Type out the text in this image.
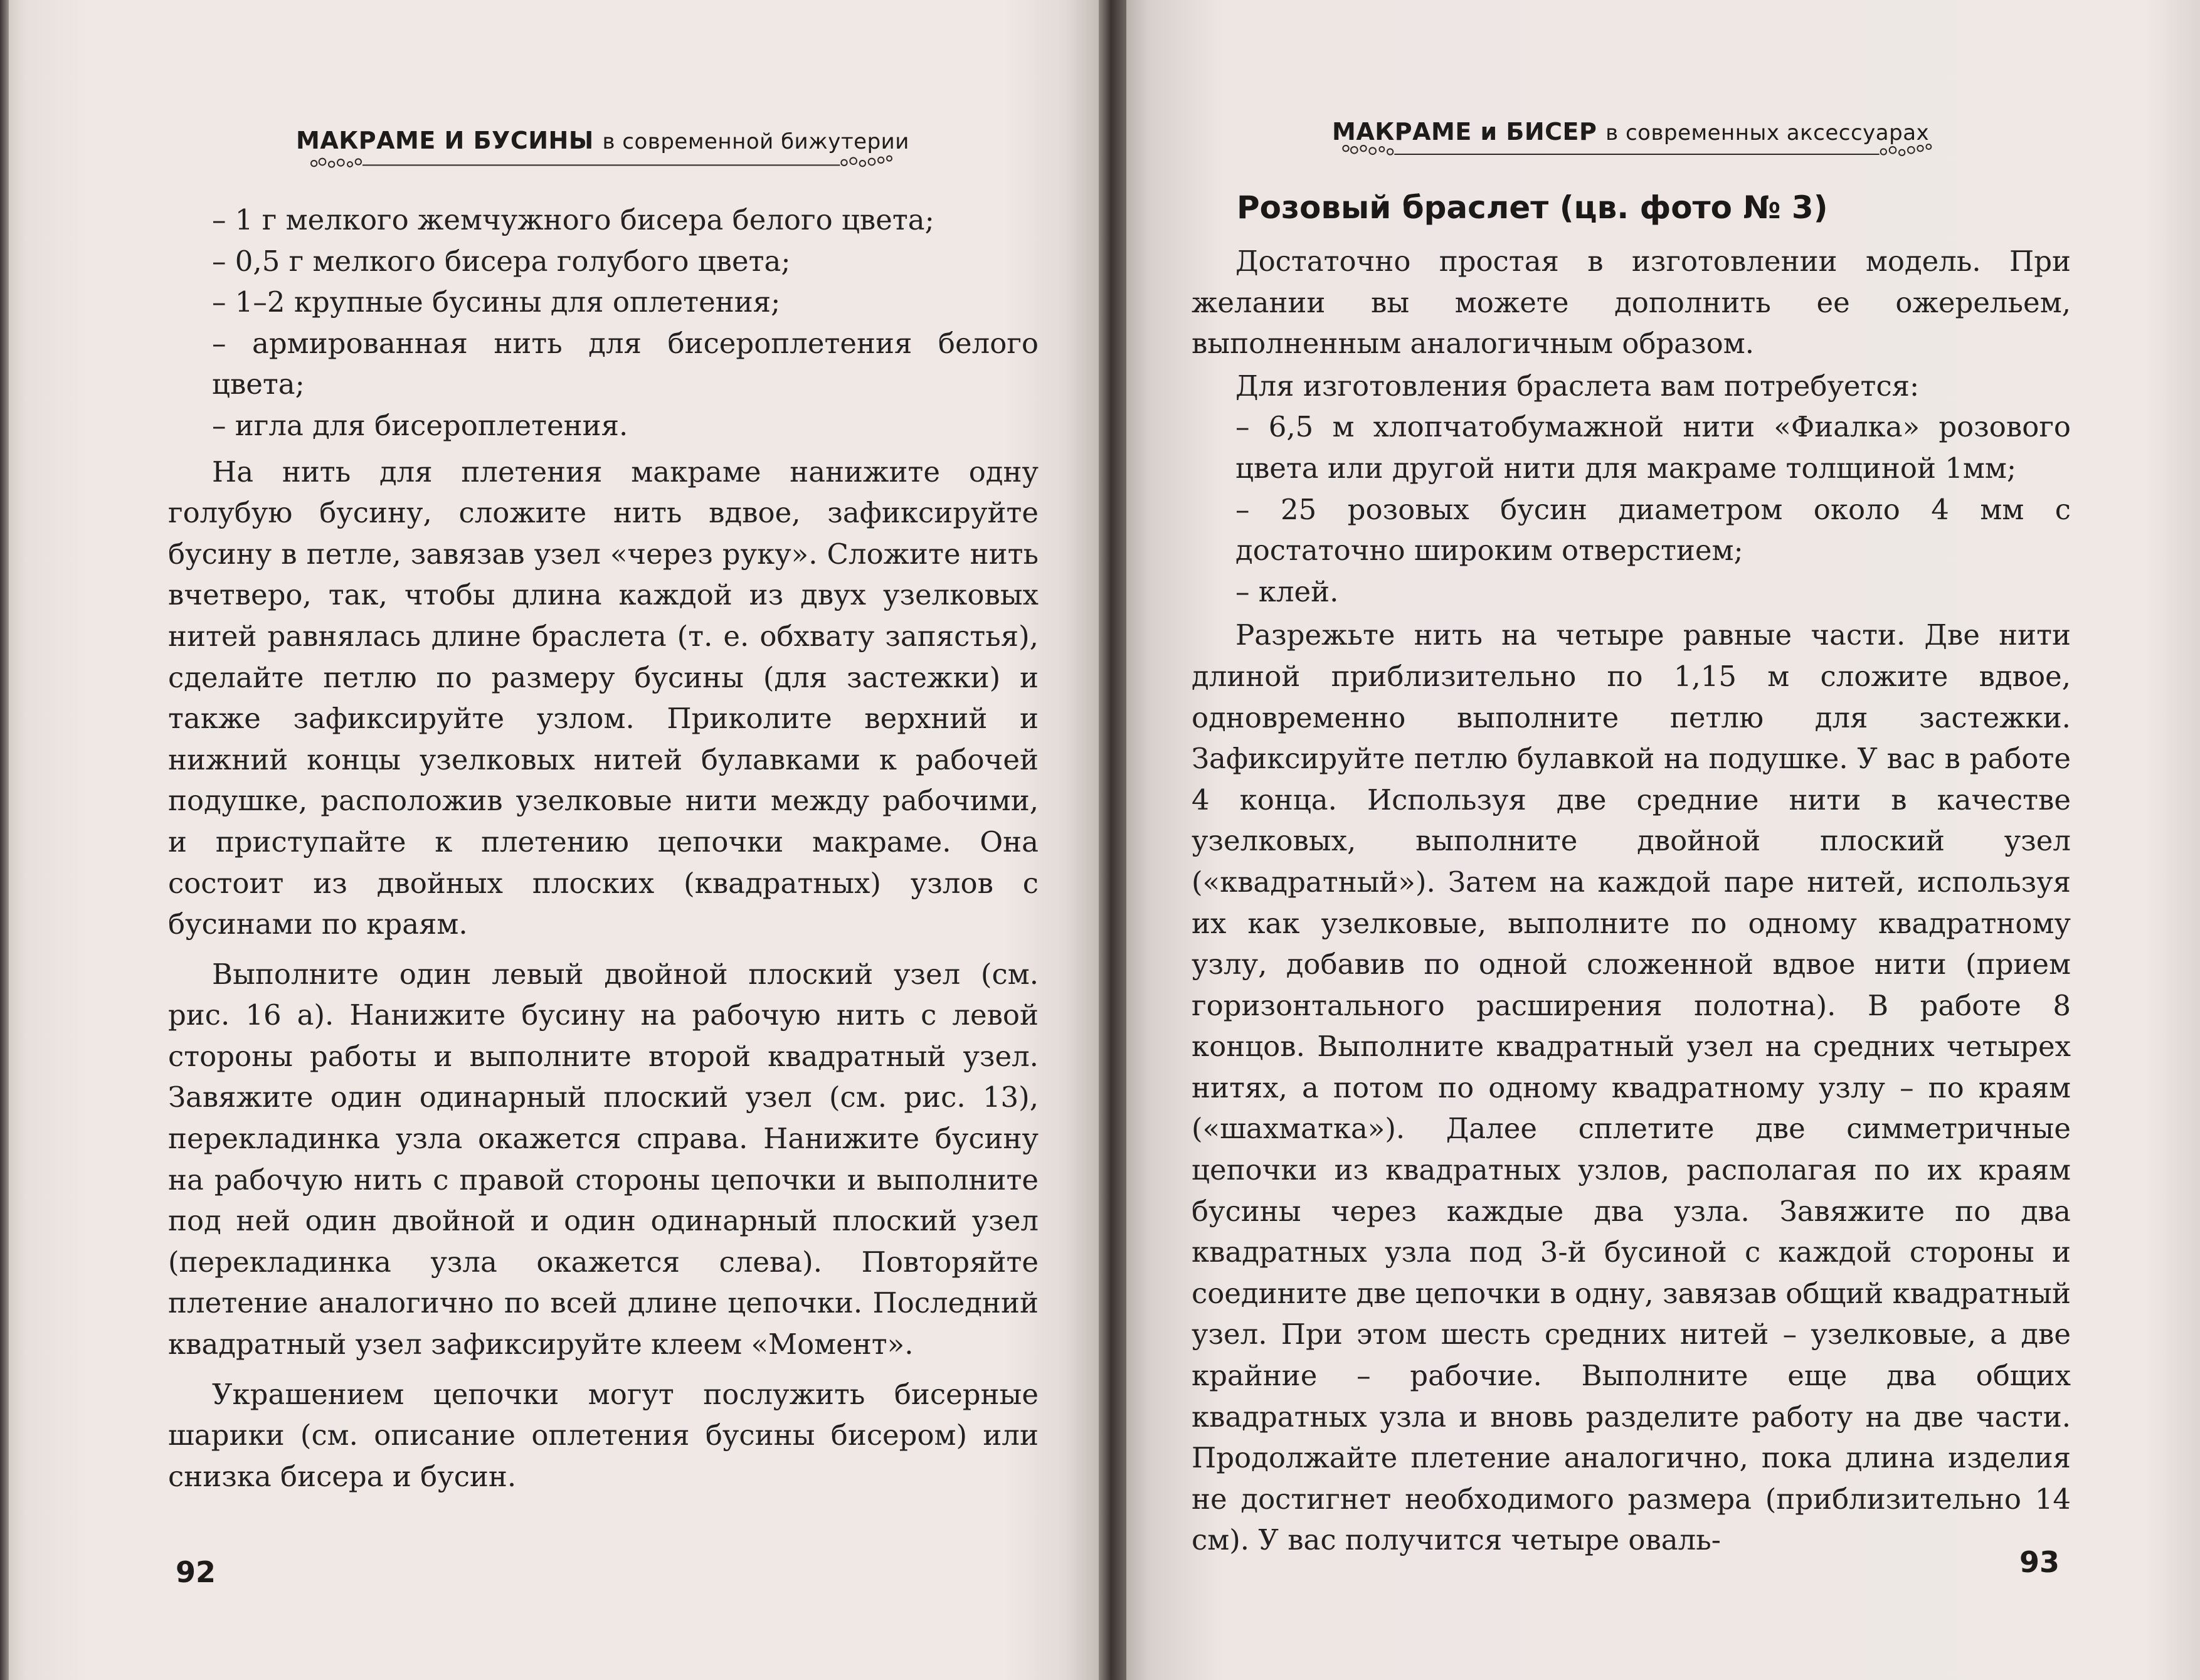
МАКРАМЕ И БУСИНЫ в современной бижутерии
– 1 г мелкого жемчужного бисера белого цвета;
– 0,5 г мелкого бисера голубого цвета;
– 1–2 крупные бусины для оплетения;
– армированная нить для бисероплетения белого цвета;
– игла для бисероплетения.

На нить для плетения макраме нанижите одну голубую бусину, сложите нить вдвое, зафиксируйте бусину в петле, завязав узел «через руку». Сложите нить вчетверо, так, чтобы длина каждой из двух узелковых нитей равнялась длине браслета (т. е. обхвату запястья), сделайте петлю по размеру бусины (для застежки) и также зафиксируйте узлом. Приколите верхний и нижний концы узелковых нитей булавками к рабочей подушке, расположив узелковые нити между рабочими, и приступайте к плетению цепочки макраме. Она состоит из двойных плоских (квадратных) узлов с бусинами по краям.

Выполните один левый двойной плоский узел (см. рис. 16 а). Нанижите бусину на рабочую нить с левой стороны работы и выполните второй квадратный узел. Завяжите один одинарный плоский узел (см. рис. 13), перекладинка узла окажется справа. Нанижите бусину на рабочую нить с правой стороны цепочки и выполните под ней один двойной и один одинарный плоский узел (перекладинка узла окажется слева). Повторяйте плетение аналогично по всей длине цепочки. Последний квадратный узел зафиксируйте клеем «Момент».

Украшением цепочки могут послужить бисерные шарики (см. описание оплетения бусины бисером) или снизка бисера и бусин.

92
МАКРАМЕ и БИСЕР в современных аксессуарах
Розовый браслет (цв. фото № 3)

Достаточно простая в изготовлении модель. При желании вы можете дополнить ее ожерельем, выполненным аналогичным образом.

Для изготовления браслета вам потребуется:

– 6,5 м хлопчатобумажной нити «Фиалка» розового цвета или другой нити для макраме толщиной 1мм;
– 25 розовых бусин диаметром около 4 мм с достаточно широким отверстием;
– клей.

Разрежьте нить на четыре равные части. Две нити длиной приблизительно по 1,15 м сложите вдвое, одновременно выполните петлю для застежки. Зафиксируйте петлю булавкой на подушке. У вас в работе 4 конца. Используя две средние нити в качестве узелковых, выполните двойной плоский узел («квадратный»). Затем на каждой паре нитей, используя их как узелковые, выполните по одному квадратному узлу, добавив по одной сложенной вдвое нити (прием горизонтального расширения полотна). В работе 8 концов. Выполните квадратный узел на средних четырех нитях, а потом по одному квадратному узлу – по краям («шахматка»). Далее сплетите две симметричные цепочки из квадратных узлов, располагая по их краям бусины через каждые два узла. Завяжите по два квадратных узла под 3-й бусиной с каждой стороны и соедините две цепочки в одну, завязав общий квадратный узел. При этом шесть средних нитей – узелковые, а две крайние – рабочие. Выполните еще два общих квадратных узла и вновь разделите работу на две части. Продолжайте плетение аналогично, пока длина изделия не достигнет необходимого размера (приблизительно 14 см). У вас получится четыре оваль-

93
